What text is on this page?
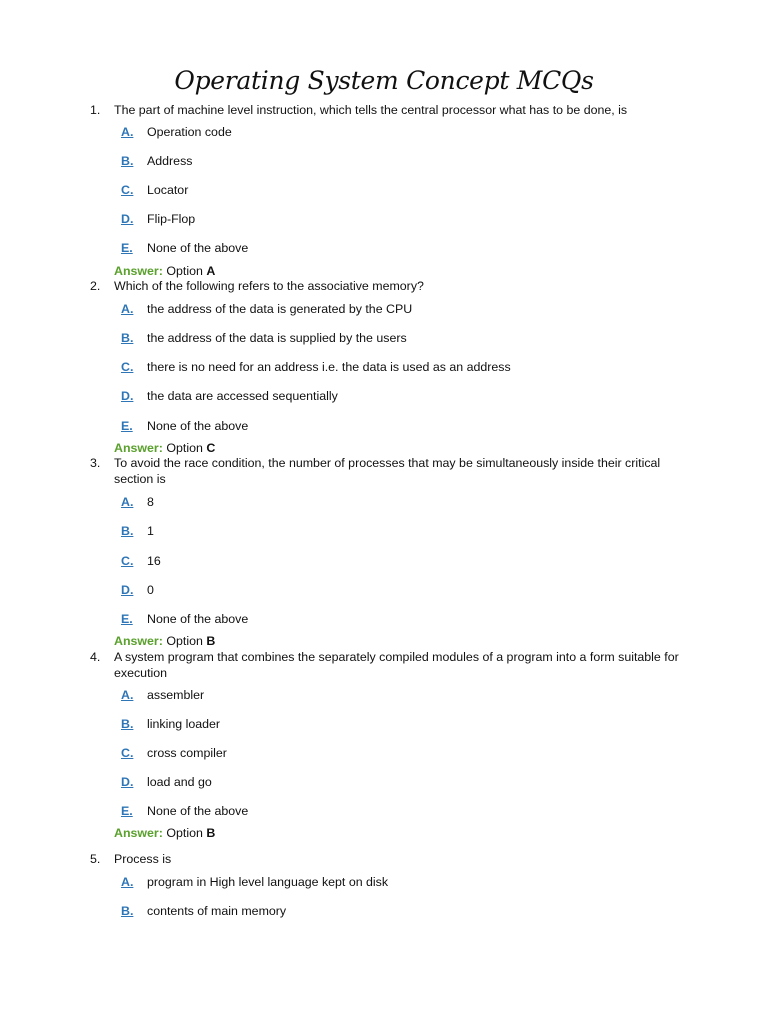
Operating System Concept MCQs
1. The part of machine level instruction, which tells the central processor what has to be done, is
A. Operation code
B. Address
C. Locator
D. Flip-Flop
E. None of the above
Answer: Option A
2. Which of the following refers to the associative memory?
A. the address of the data is generated by the CPU
B. the address of the data is supplied by the users
C. there is no need for an address i.e. the data is used as an address
D. the data are accessed sequentially
E. None of the above
Answer: Option C
3. To avoid the race condition, the number of processes that may be simultaneously inside their critical section is
A. 8
B. 1
C. 16
D. 0
E. None of the above
Answer: Option B
4. A system program that combines the separately compiled modules of a program into a form suitable for execution
A. assembler
B. linking loader
C. cross compiler
D. load and go
E. None of the above
Answer: Option B
5. Process is
A. program in High level language kept on disk
B. contents of main memory
